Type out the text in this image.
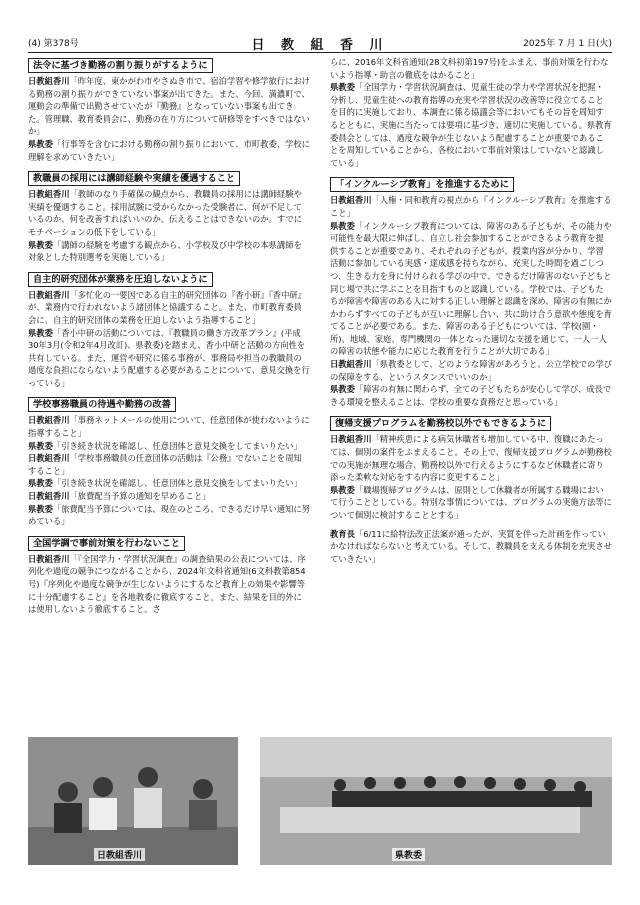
(4) 第378号	日 教 組 香 川	2025年 7 月 1 日(火)
法令に基づき勤務の割り振りがするように

日教組香川「昨年度、東かがわ市やさぬき市で、宿泊学習や修学旅行における勤務の割り振りができていない事案が出てきた。また、今回、満濃町で、運動会の準備で出勤させていたが『勤務』となっていない事案も出てきた。管理職、教育委員会に、勤務の在り方について研修等をすべきではないか」

県教委「行事等を含むにおける勤務の割り振りにおいて、市町教委、学校に理解を求めていきたい」

教職員の採用には講師経験や実績を優遇すること

日教組香川「教師のなり手確保の観点から、教職員の採用には講師経験や実績を優遇すること。採用試験に受からなかった受験者に、何が不足しているのか、何を改善すればいいのか。伝えることはできないのか。すでにモチベーションの低下をしている」

県教委「講師の経験を考慮する観点から、小学校及び中学校の本県講師を対象とした特別選考を実施している」

自主的研究団体が業務を圧迫しないように

日教組香川「多忙化の一要因である自主的研究団体の『香小研』『香中研』が、業務内で行われないよう諸団体と協議すること。また、市町教育委員会に、自主的研究団体の業務を圧迫しないよう指導すること」

県教委「香小中研の活動については、『教職員の働き方改革プラン』(平成30年3月(令和2年4月改訂)、県教委)を踏まえ、香小中研と活動の方向性を共有している。また、運営や研究に係る事務が、事務局や担当の教職員の過度な負担にならないよう配慮する必要があることについて、意見交換を行っている」

学校事務職員の待遇や勤務の改善

日教組香川「事務ネットメールの使用について、任意団体が使わないように指導すること」

県教委「引き続き状況を確認し、任意団体と意見交換をしてまいりたい」

日教組香川「学校事務職員の任意団体の活動は『公務』でないことを周知すること」

県教委「引き続き状況を確認し、任意団体と意見交換をしてまいりたい」

日教組香川「旅費配当予算の通知を早めること」

県教委「旅費配当予算については、現在のところ、できるだけ早い通知に努めている」

全国学調で事前対策を行わないこと

日教組香川「『全国学力・学習状況調査』の調査結果の公表については、序列化や過度の競争につながることから、2024年文科省通知(6文科教第854号)『序列化や過度な競争が生じないようにするなど教育上の効果や影響等に十分配慮すること』を各地教委に徹底すること。また、結果を目的外には使用しないよう徹底すること。さ

らに、2016年文科省通知(28文科初第197号)をふまえ、事前対策を行わないよう指導・助言の徹底をはかること」

県教委「全国学力・学習状況調査は、児童生徒の学力や学習状況を把握・分析し、児童生徒への教育指導の充実や学習状況の改善等に役立てることを目的に実施しており、本調査に係る協議会等においてもその旨を周知するとともに、実施に当たっては要項に基づき、適切に実施している。県教育委員会としては、過度な競争が生じないよう配慮することが重要であることを周知していることから、各校において事前対策はしていないと認識している」

「インクルーシブ教育」を推進するために

日教組香川「人権・同和教育の視点から『インクルーシブ教育』を推進すること」

県教委「インクルーシブ教育については、障害のある子どもが、その能力や可能性を最大限に伸ばし、自立し社会参加することができるよう教育を提供することが重要であり、それぞれの子どもが、授業内容が分かり、学習活動に参加している実感・達成感を持ちながら、充実した時間を過ごしつつ、生きる力を身に付けられる学びの中で、できるだけ障害のない子どもと同じ場で共に学ぶことを目指すものと認識している。学校では、子どもたちが障害や障害のある人に対する正しい理解と認識を深め、障害の有無にかかわらずすべての子どもが互いに理解し合い、共に助け合う意欲や態度を育てることが必要である。また、障害のある子どもについては、学校(園・所)、地域、家庭、専門機関の一体となった適切な支援を通じて、一人一人の障害の状態や能力に応じた教育を行うことが大切である」

日教組香川「県教委として、どのような障害があろうと、公立学校での学びの保障をする、というスタンスでいいのか」

県教委「障害の有無に関わらず、全ての子どもたちが安心して学び、成長できる環境を整えることは、学校の重要な責務だと思っている」

復帰支援プログラムを勤務校以外でもできるように

日教組香川「精神疾患による病気休職者も増加している中、復職にあたっては、個別の案件をふまえること。その上で、復帰支援プログラムが勤務校での実施が無理な場合、勤務校以外で行えるようにするなど休職者に寄り添った柔軟な対応をする内容に変更すること」

県教委「職場復帰プログラムは、原則として休職者が所属する職場において行うこととしている。特別な事情については、プログラムの実施方法等について個別に検討することとする」

教育長「6/11に給特法改正法案が通ったが、実質を伴った計画を作っていかなければならないと考えている。そして、教職員を支える体制を充実させていきたい」

日教組香川	県教委
